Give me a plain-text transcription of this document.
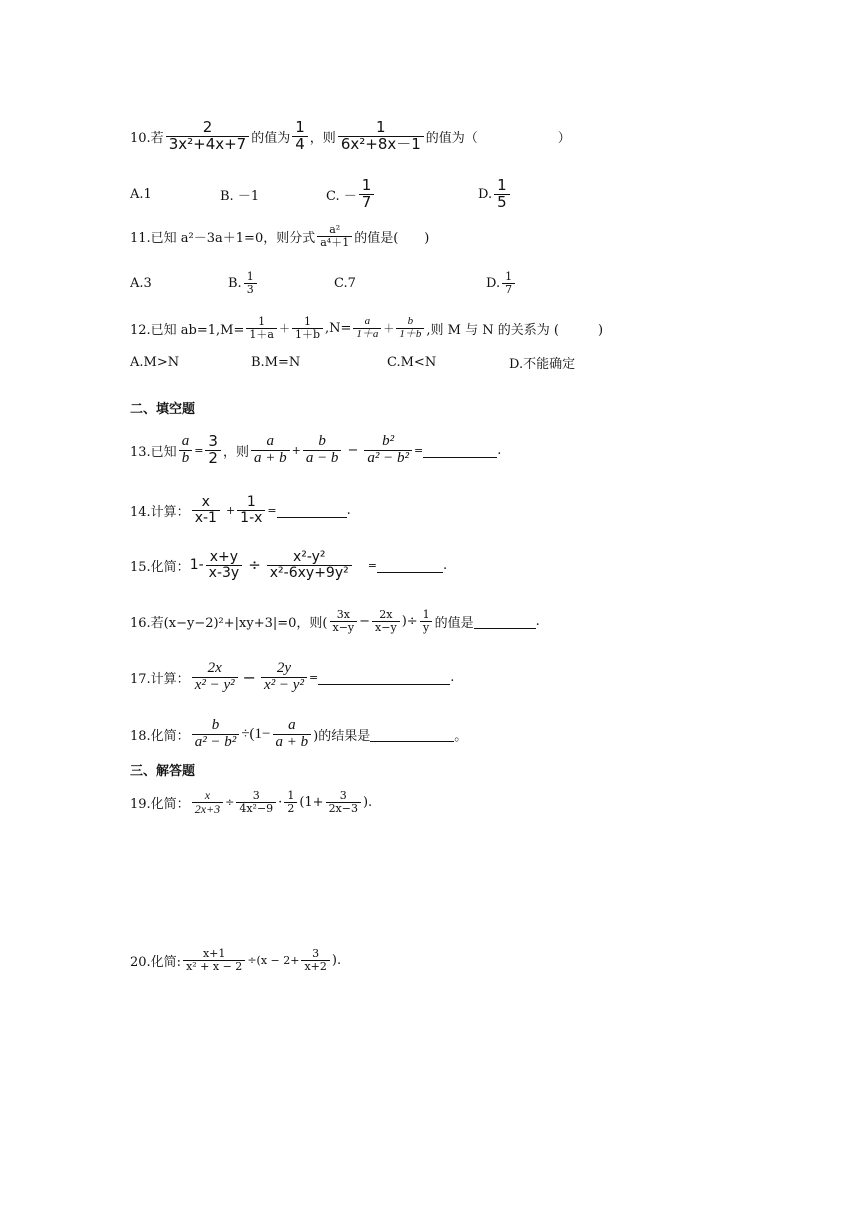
10.若 $\frac{2}{\text{3x²+4x+7}}$ 的值为 $\frac{1}{4}$ ，则 $\frac{1}{\text{6x²+8x－1}}$ 的值为（	）
A.1	B. －1	C. － $\frac{1}{7}$	D. $\frac{1}{5}$
11.已知 a²－3a＋1=0，则分式 $\frac{\text{a²}}{\text{a⁴＋1}}$ 的值是(　　)
A.3	B. $\frac{1}{3}$	C.7	D. $\frac{1}{7}$
12.已知 $ab=1,M= \frac{1}{1+a} + \frac{1}{1+b} ,N= \frac{a}{1+a} + \frac{b}{1+b}$ ,则 M 与 N 的关系为 (　　　)
A.M>N	B.M=N	C.M<N	D.不能确定
二、填空题
13.已知 $\frac{a}{b} = \frac{3}{2}$ ，则 $\frac{a}{a + b} + \frac{b}{a - b} - \frac{\text{b²}}{\text{a² − b²}}$ =	.
14.计算： $\frac{x}{x-1} + \frac{1}{1-x}$ =	.
15.化简： $1- \frac{x+y}{x-3y} \div \frac{\text{x²-y²}}{\text{x²-6xy+9y²}}$ =	.
16.若(x−y−2)²+|xy+3|=0，则( $\frac{3x}{x-y} - \frac{2x}{x-y}$ )÷ $\frac{1}{y}$ 的值是	.
17.计算： $\frac{2x}{\text{x² − y²}} - \frac{2y}{\text{x² − y²}}$ =	.
18.化简： $\frac{b}{\text{a² − b²}} \div(1- \frac{a}{a + b}$ )的结果是	。
三、解答题
19.化简： $\frac{x}{2x+3} \div \frac{3}{\text{4x²−9}} \cdot \frac{1}{2} (1+ \frac{3}{2x-3}$ ).
20.化简: $\frac{x+1}{\text{x² + x − 2}} \div(x - 2+ \frac{3}{x+2}$ ).
